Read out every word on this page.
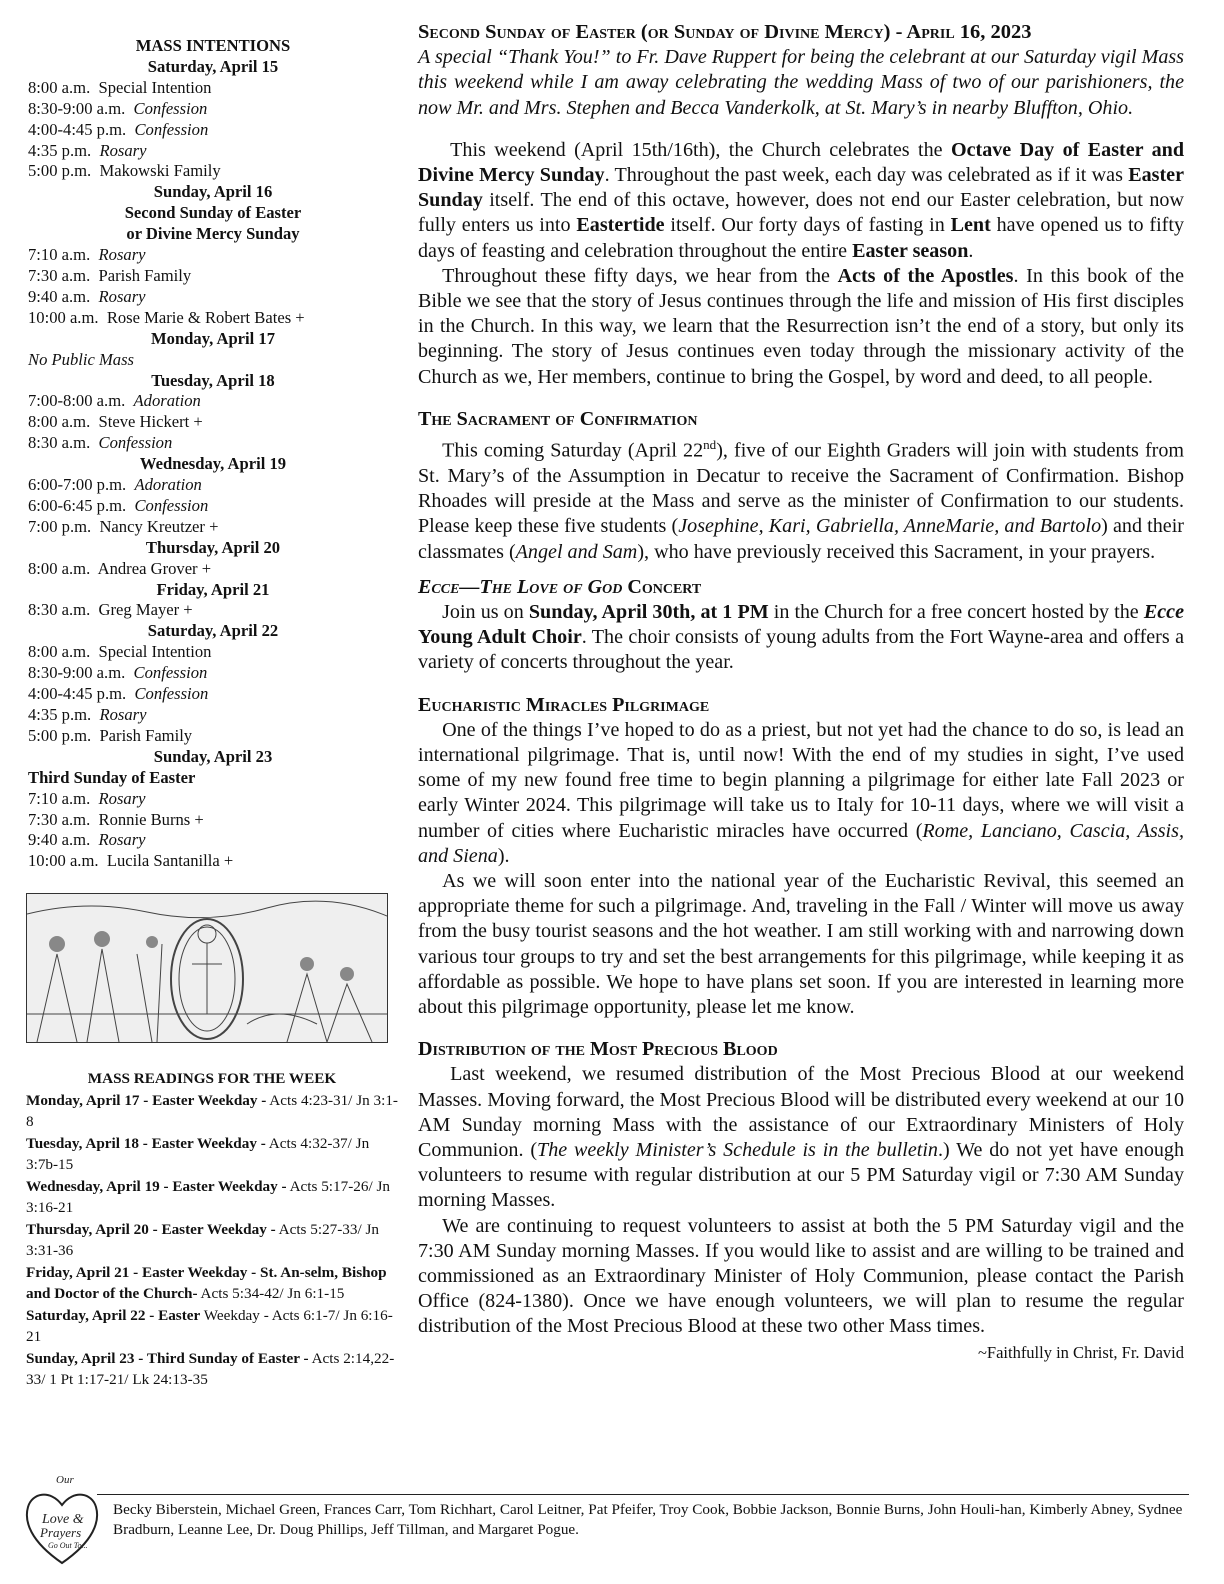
MASS INTENTIONS
Saturday, April 15
8:00 a.m.  Special Intention
8:30-9:00 a.m.  Confession
4:00-4:45 p.m.  Confession
4:35 p.m.  Rosary
5:00 p.m.  Makowski Family
Sunday, April 16
Second Sunday of Easter
or Divine Mercy Sunday
7:10 a.m.  Rosary
7:30 a.m.  Parish Family
9:40 a.m.  Rosary
10:00 a.m.  Rose Marie & Robert Bates +
Monday, April 17
No Public Mass
Tuesday, April 18
7:00-8:00 a.m.  Adoration
8:00 a.m.  Steve Hickert +
8:30 a.m.  Confession
Wednesday, April 19
6:00-7:00 p.m.  Adoration
6:00-6:45 p.m.  Confession
7:00 p.m.  Nancy Kreutzer +
Thursday, April 20
8:00 a.m.  Andrea Grover +
Friday, April 21
8:30 a.m.  Greg Mayer +
Saturday, April 22
8:00 a.m.  Special Intention
8:30-9:00 a.m.  Confession
4:00-4:45 p.m.  Confession
4:35 p.m.  Rosary
5:00 p.m.  Parish Family
Sunday, April 23
Third Sunday of Easter
7:10 a.m.  Rosary
7:30 a.m.  Ronnie Burns +
9:40 a.m.  Rosary
10:00 a.m.  Lucila Santanilla +
MASS READINGS FOR THE WEEK
Monday, April 17 - Easter Weekday - Acts 4:23-31/ Jn 3:1-8
Tuesday, April 18 - Easter Weekday - Acts 4:32-37/ Jn 3:7b-15
Wednesday, April 19 - Easter Weekday - Acts 5:17-26/ Jn 3:16-21
Thursday, April 20 - Easter Weekday - Acts 5:27-33/ Jn 3:31-36
Friday, April 21 - Easter Weekday - St. An-selm, Bishop and Doctor of the Church- Acts 5:34-42/ Jn 6:1-15
Saturday, April 22 - Easter Weekday - Acts 6:1-7/ Jn 6:16-21
Sunday, April 23 - Third Sunday of Easter - Acts 2:14,22-33/ 1 Pt 1:17-21/ Lk 24:13-35

Second Sunday of Easter (or Sunday of Divine Mercy) - April 16, 2023

A special “Thank You!” to Fr. Dave Ruppert for being the celebrant at our Saturday vigil Mass this weekend while I am away celebrating the wedding Mass of two of our parishioners, the now Mr. and Mrs. Stephen and Becca Vanderkolk, at St. Mary’s in nearby Bluffton, Ohio.

This weekend (April 15th/16th), the Church celebrates the Octave Day of Easter and Divine Mercy Sunday. Throughout the past week, each day was celebrated as if it was Easter Sunday itself. The end of this octave, however, does not end our Easter celebration, but now fully enters us into Eastertide itself. Our forty days of fasting in Lent have opened us to fifty days of feasting and celebration throughout the entire Easter season.

Throughout these fifty days, we hear from the Acts of the Apostles. In this book of the Bible we see that the story of Jesus continues through the life and mission of His first disciples in the Church. In this way, we learn that the Resurrection isn’t the end of a story, but only its beginning. The story of Jesus continues even today through the missionary activity of the Church as we, Her members, continue to bring the Gospel, by word and deed, to all people.

The Sacrament of Confirmation

This coming Saturday (April 22nd), five of our Eighth Graders will join with students from St. Mary’s of the Assumption in Decatur to receive the Sacrament of Confirmation. Bishop Rhoades will preside at the Mass and serve as the minister of Confirmation to our students. Please keep these five students (Josephine, Kari, Gabriella, AnneMarie, and Bartolo) and their classmates (Angel and Sam), who have previously received this Sacrament, in your prayers.

Ecce—The Love of God Concert

Join us on Sunday, April 30th, at 1 PM in the Church for a free concert hosted by the Ecce Young Adult Choir. The choir consists of young adults from the Fort Wayne-area and offers a variety of concerts throughout the year.

Eucharistic Miracles Pilgrimage

One of the things I’ve hoped to do as a priest, but not yet had the chance to do so, is lead an international pilgrimage. That is, until now! With the end of my studies in sight, I’ve used some of my new found free time to begin planning a pilgrimage for either late Fall 2023 or early Winter 2024. This pilgrimage will take us to Italy for 10-11 days, where we will visit a number of cities where Eucharistic miracles have occurred (Rome, Lanciano, Cascia, Assis, and Siena).

As we will soon enter into the national year of the Eucharistic Revival, this seemed an appropriate theme for such a pilgrimage. And, traveling in the Fall / Winter will move us away from the busy tourist seasons and the hot weather. I am still working with and narrowing down various tour groups to try and set the best arrangements for this pilgrimage, while keeping it as affordable as possible. We hope to have plans set soon. If you are interested in learning more about this pilgrimage opportunity, please let me know.

Distribution of the Most Precious Blood

Last weekend, we resumed distribution of the Most Precious Blood at our weekend Masses. Moving forward, the Most Precious Blood will be distributed every weekend at our 10 AM Sunday morning Mass with the assistance of our Extraordinary Ministers of Holy Communion. (The weekly Minister’s Schedule is in the bulletin.) We do not yet have enough volunteers to resume with regular distribution at our 5 PM Saturday vigil or 7:30 AM Sunday morning Masses.

We are continuing to request volunteers to assist at both the 5 PM Saturday vigil and the 7:30 AM Sunday morning Masses. If you would like to assist and are willing to be trained and commissioned as an Extraordinary Minister of Holy Communion, please contact the Parish Office (824-1380). Once we have enough volunteers, we will plan to resume the regular distribution of the Most Precious Blood at these two other Mass times.
~Faithfully in Christ, Fr. David

Our
Love &
Prayers
Go Out To...
Becky Biberstein, Michael Green, Frances Carr, Tom Richhart, Carol Leitner, Pat Pfeifer, Troy Cook, Bobbie Jackson, Bonnie Burns, John Houli-han, Kimberly Abney, Sydnee Bradburn, Leanne Lee, Dr. Doug Phillips, Jeff Tillman, and Margaret Pogue.
